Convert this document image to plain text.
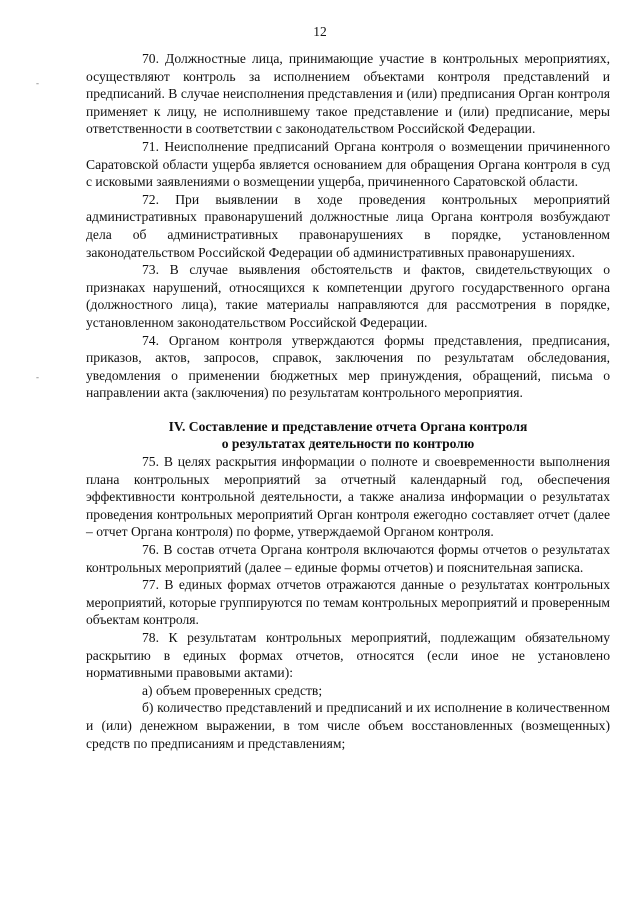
12
-
-

70. Должностные лица, принимающие участие в контрольных мероприятиях, осуществляют контроль за исполнением объектами контроля представлений и предписаний. В случае неисполнения представления и (или) предписания Орган контроля применяет к лицу, не исполнившему такое представление и (или) предписание, меры ответственности в соответствии с законодательством Российской Федерации.

71. Неисполнение предписаний Органа контроля о возмещении причиненного Саратовской области ущерба является основанием для обращения Органа контроля в суд с исковыми заявлениями о возмещении ущерба, причиненного Саратовской области.

72. При выявлении в ходе проведения контрольных мероприятий административных правонарушений должностные лица Органа контроля возбуждают дела об административных правонарушениях в порядке, установленном законодательством Российской Федерации об административных правонарушениях.

73. В случае выявления обстоятельств и фактов, свидетельствующих о признаках нарушений, относящихся к компетенции другого государственного органа (должностного лица), такие материалы направляются для рассмотрения в порядке, установленном законодательством Российской Федерации.

74. Органом контроля утверждаются формы представления, предписания, приказов, актов, запросов, справок, заключения по результатам обследования, уведомления о применении бюджетных мер принуждения, обращений, письма о направлении акта (заключения) по результатам контрольного мероприятия.

IV. Составление и представление отчета Органа контроля
о результатах деятельности по контролю

75. В целях раскрытия информации о полноте и своевременности выполнения плана контрольных мероприятий за отчетный календарный год, обеспечения эффективности контрольной деятельности, а также анализа информации о результатах проведения контрольных мероприятий Орган контроля ежегодно составляет отчет (далее – отчет Органа контроля) по форме, утверждаемой Органом контроля.

76. В состав отчета Органа контроля включаются формы отчетов о результатах контрольных мероприятий (далее – единые формы отчетов) и пояснительная записка.

77. В единых формах отчетов отражаются данные о результатах контрольных мероприятий, которые группируются по темам контрольных мероприятий и проверенным объектам контроля.

78. К результатам контрольных мероприятий, подлежащим обязательному раскрытию в единых формах отчетов, относятся (если иное не установлено нормативными правовыми актами):

а) объем проверенных средств;

б) количество представлений и предписаний и их исполнение в количественном и (или) денежном выражении, в том числе объем восстановленных (возмещенных) средств по предписаниям и представлениям;
